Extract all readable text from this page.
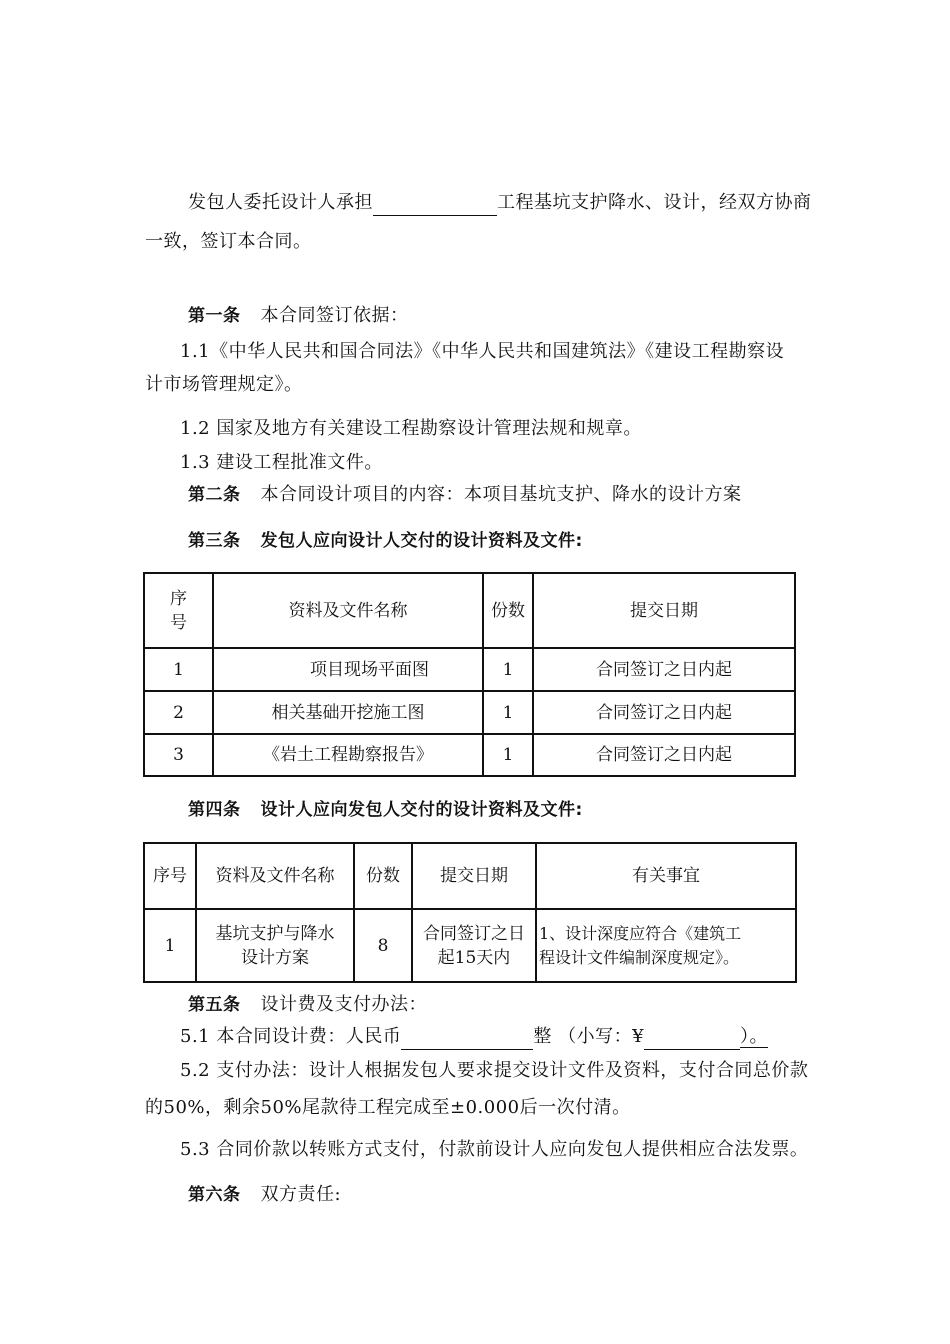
发包人委托设计人承担	工程基坑支护降水、设计，经双方协商
一致，签订本合同。
第一条 本合同签订依据：
1.1《中华人民共和国合同法》《中华人民共和国建筑法》《建设工程勘察设
计市场管理规定》。
1.2 国家及地方有关建设工程勘察设计管理法规和规章。
1.3 建设工程批准文件。
第二条 本合同设计项目的内容：本项目基坑支护、降水的设计方案
第三条 发包人应向设计人交付的设计资料及文件:
序
号	资料及文件名称	份数	提交日期
1	项目现场平面图	1	合同签订之日内起
2	相关基础开挖施工图	1	合同签订之日内起
3	《岩土工程勘察报告》	1	合同签订之日内起
第四条 设计人应向发包人交付的设计资料及文件:
序号	资料及文件名称	份数	提交日期	有关事宜
1	基坑支护与降水
设计方案	8	合同签订之日
起15天内	1、设计深度应符合《建筑工
程设计文件编制深度规定》。
第五条 设计费及支付办法：
5.1 本合同设计费：人民币	整 （小写：¥	）。
5.2 支付办法：设计人根据发包人要求提交设计文件及资料，支付合同总价款
的50%，剩余50%尾款待工程完成至±0.000后一次付清。
5.3 合同价款以转账方式支付，付款前设计人应向发包人提供相应合法发票。
第六条 双方责任:
